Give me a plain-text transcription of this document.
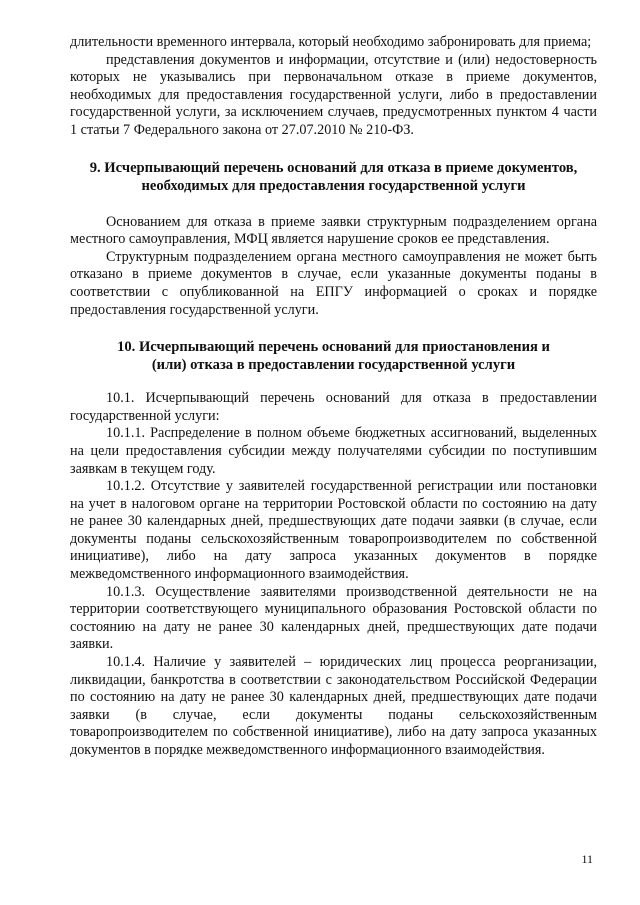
длительности временного интервала, который необходимо забронировать для приема;

представления документов и информации, отсутствие и (или) недостоверность которых не указывались при первоначальном отказе в приеме документов, необходимых для предоставления государственной услуги, либо в предоставлении государственной услуги, за исключением случаев, предусмотренных пунктом 4 части 1 статьи 7 Федерального закона от 27.07.2010 № 210-ФЗ.

9. Исчерпывающий перечень оснований для отказа в приеме документов, необходимых для предоставления государственной услуги

Основанием для отказа в приеме заявки структурным подразделением органа местного самоуправления, МФЦ является нарушение сроков ее представления.

Структурным подразделением органа местного самоуправления не может быть отказано в приеме документов в случае, если указанные документы поданы в соответствии с опубликованной на ЕПГУ информацией о сроках и порядке предоставления государственной услуги.

10. Исчерпывающий перечень оснований для приостановления и

(или) отказа в предоставлении государственной услуги

10.1. Исчерпывающий перечень оснований для отказа в предоставлении государственной услуги:

10.1.1. Распределение в полном объеме бюджетных ассигнований, выделенных на цели предоставления субсидии между получателями субсидии по поступившим заявкам в текущем году.

10.1.2. Отсутствие у заявителей государственной регистрации или постановки на учет в налоговом органе на территории Ростовской области по состоянию на дату не ранее 30 календарных дней, предшествующих дате подачи заявки (в случае, если документы поданы сельскохозяйственным товаропроизводителем по собственной инициативе), либо на дату запроса указанных документов в порядке межведомственного информационного взаимодействия.

10.1.3. Осуществление заявителями производственной деятельности не на территории соответствующего муниципального образования Ростовской области по состоянию на дату не ранее 30 календарных дней, предшествующих дате подачи заявки.

10.1.4. Наличие у заявителей – юридических лиц процесса реорганизации, ликвидации, банкротства в соответствии с законодательством Российской Федерации по состоянию на дату не ранее 30 календарных дней, предшествующих дате подачи заявки (в случае, если документы поданы сельскохозяйственным товаропроизводителем по собственной инициативе), либо на дату запроса указанных документов в порядке межведомственного информационного взаимодействия.

11
